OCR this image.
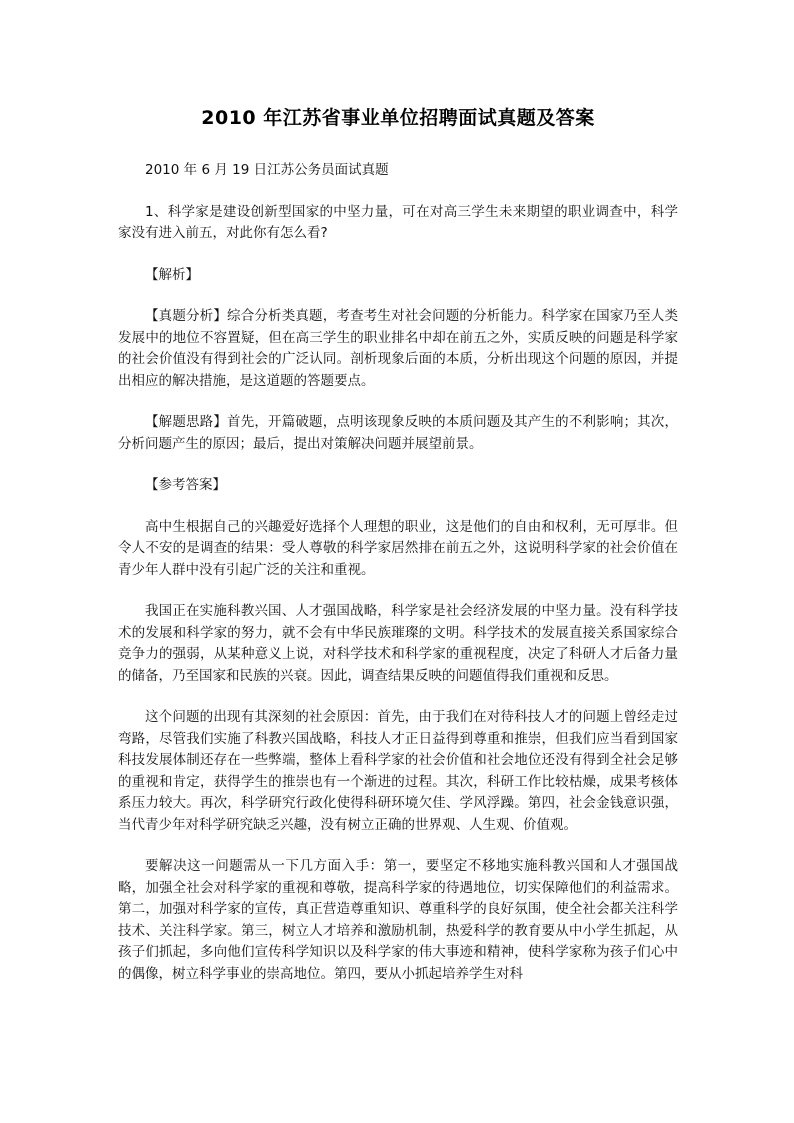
2010 年江苏省事业单位招聘面试真题及答案

2010 年 6 月 19 日江苏公务员面试真题

1、科学家是建设创新型国家的中坚力量，可在对高三学生未来期望的职业调查中，科学家没有进入前五，对此你有怎么看?

【解析】

【真题分析】综合分析类真题，考查考生对社会问题的分析能力。科学家在国家乃至人类发展中的地位不容置疑，但在高三学生的职业排名中却在前五之外，实质反映的问题是科学家的社会价值没有得到社会的广泛认同。剖析现象后面的本质，分析出现这个问题的原因，并提出相应的解决措施，是这道题的答题要点。

【解题思路】首先，开篇破题，点明该现象反映的本质问题及其产生的不利影响；其次，分析问题产生的原因；最后，提出对策解决问题并展望前景。

【参考答案】

高中生根据自己的兴趣爱好选择个人理想的职业，这是他们的自由和权利，无可厚非。但令人不安的是调查的结果：受人尊敬的科学家居然排在前五之外，这说明科学家的社会价值在青少年人群中没有引起广泛的关注和重视。

我国正在实施科教兴国、人才强国战略，科学家是社会经济发展的中坚力量。没有科学技术的发展和科学家的努力，就不会有中华民族璀璨的文明。科学技术的发展直接关系国家综合竞争力的强弱，从某种意义上说，对科学技术和科学家的重视程度，决定了科研人才后备力量的储备，乃至国家和民族的兴衰。因此，调查结果反映的问题值得我们重视和反思。

这个问题的出现有其深刻的社会原因：首先，由于我们在对待科技人才的问题上曾经走过弯路，尽管我们实施了科教兴国战略，科技人才正日益得到尊重和推崇，但我们应当看到国家科技发展体制还存在一些弊端，整体上看科学家的社会价值和社会地位还没有得到全社会足够的重视和肯定，获得学生的推崇也有一个渐进的过程。其次，科研工作比较枯燥，成果考核体系压力较大。再次，科学研究行政化使得科研环境欠佳、学风浮躁。第四，社会金钱意识强，当代青少年对科学研究缺乏兴趣，没有树立正确的世界观、人生观、价值观。

要解决这一问题需从一下几方面入手：第一，要坚定不移地实施科教兴国和人才强国战略，加强全社会对科学家的重视和尊敬，提高科学家的待遇地位，切实保障他们的利益需求。第二，加强对科学家的宣传，真正营造尊重知识、尊重科学的良好氛围，使全社会都关注科学技术、关注科学家。第三，树立人才培养和激励机制，热爱科学的教育要从中小学生抓起，从孩子们抓起，多向他们宣传科学知识以及科学家的伟大事迹和精神，使科学家称为孩子们心中的偶像，树立科学事业的崇高地位。第四，要从小抓起培养学生对科
